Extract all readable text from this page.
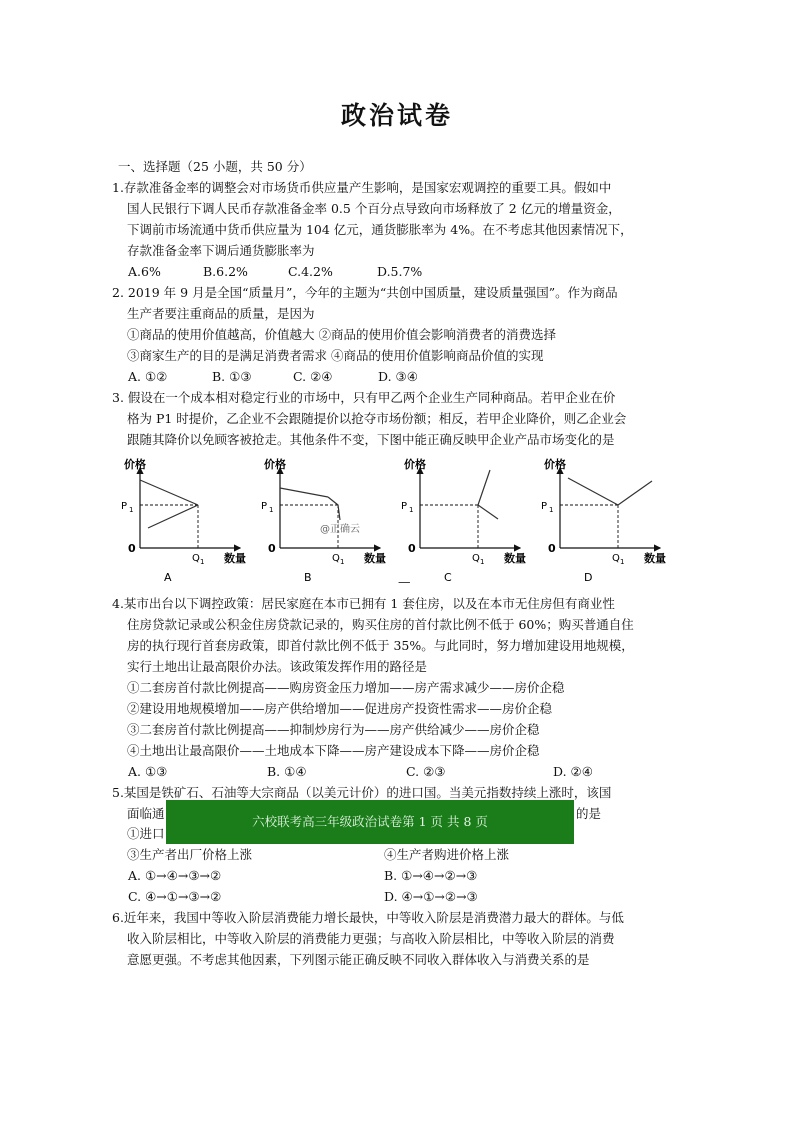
政治试卷
一、选择题（25 小题，共 50 分）
1.存款准备金率的调整会对市场货币供应量产生影响，是国家宏观调控的重要工具。假如中
国人民银行下调人民币存款准备金率 0.5 个百分点导致向市场释放了 2 亿元的增量资金，
下调前市场流通中货币供应量为 104 亿元，通货膨胀率为 4%。在不考虑其他因素情况下，
存款准备金率下调后通货膨胀率为
A.6%	B.6.2%	C.4.2%	D.5.7%
2. 2019 年 9 月是全国“质量月”，今年的主题为“共创中国质量，建设质量强国”。作为商品
生产者要注重商品的质量，是因为
①商品的使用价值越高，价值越大 ②商品的使用价值会影响消费者的消费选择
③商家生产的目的是满足消费者需求 ④商品的使用价值影响商品价值的实现
A. ①②	B. ①③	C. ②④	D. ③④
3. 假设在一个成本相对稳定行业的市场中，只有甲乙两个企业生产同种商品。若甲企业在价
格为 P1 时提价，乙企业不会跟随提价以抢夺市场份额；相反，若甲企业降价，则乙企业会
跟随其降价以免顾客被抢走。其他条件不变，下图中能正确反映甲企业产品市场变化的是
价格
数量
P 1
Q 1
0
A
价格
数量
P 1
Q 1
0
B
价格
数量
P 1
Q 1
0
C
价格
数量
P 1
Q 1
0
D
@正确云
—
4.某市出台以下调控政策：居民家庭在本市已拥有 1 套住房，以及在本市无住房但有商业性
住房贷款记录或公积金住房贷款记录的，购买住房的首付款比例不低于 60%；购买普通自住
房的执行现行首套房政策，即首付款比例不低于 35%。与此同时，努力增加建设用地规模，
实行土地出让最高限价办法。该政策发挥作用的路径是
①二套房首付款比例提高——购房资金压力增加——房产需求减少——房价企稳
②建设用地规模增加——房产供给增加——促进房产投资性需求——房价企稳
③二套房首付款比例提高——抑制炒房行为——房产供给减少——房价企稳
④土地出让最高限价——土地成本下降——房产建设成本下降——房价企稳
A. ①③	B. ①④	C. ②③	D. ②④
5.某国是铁矿石、石油等大宗商品（以美元计价）的进口国。当美元指数持续上涨时，该国
面临通	的是
①进口
③生产者出厂价格上涨	④生产者购进价格上涨
A. ①→④→③→②	B. ①→④→②→③
C. ④→①→③→②	D. ④→①→②→③
六校联考高三年级政治试卷第 1 页 共 8 页
6.近年来，我国中等收入阶层消费能力增长最快，中等收入阶层是消费潜力最大的群体。与低
收入阶层相比，中等收入阶层的消费能力更强；与高收入阶层相比，中等收入阶层的消费
意愿更强。不考虑其他因素，下列图示能正确反映不同收入群体收入与消费关系的是
